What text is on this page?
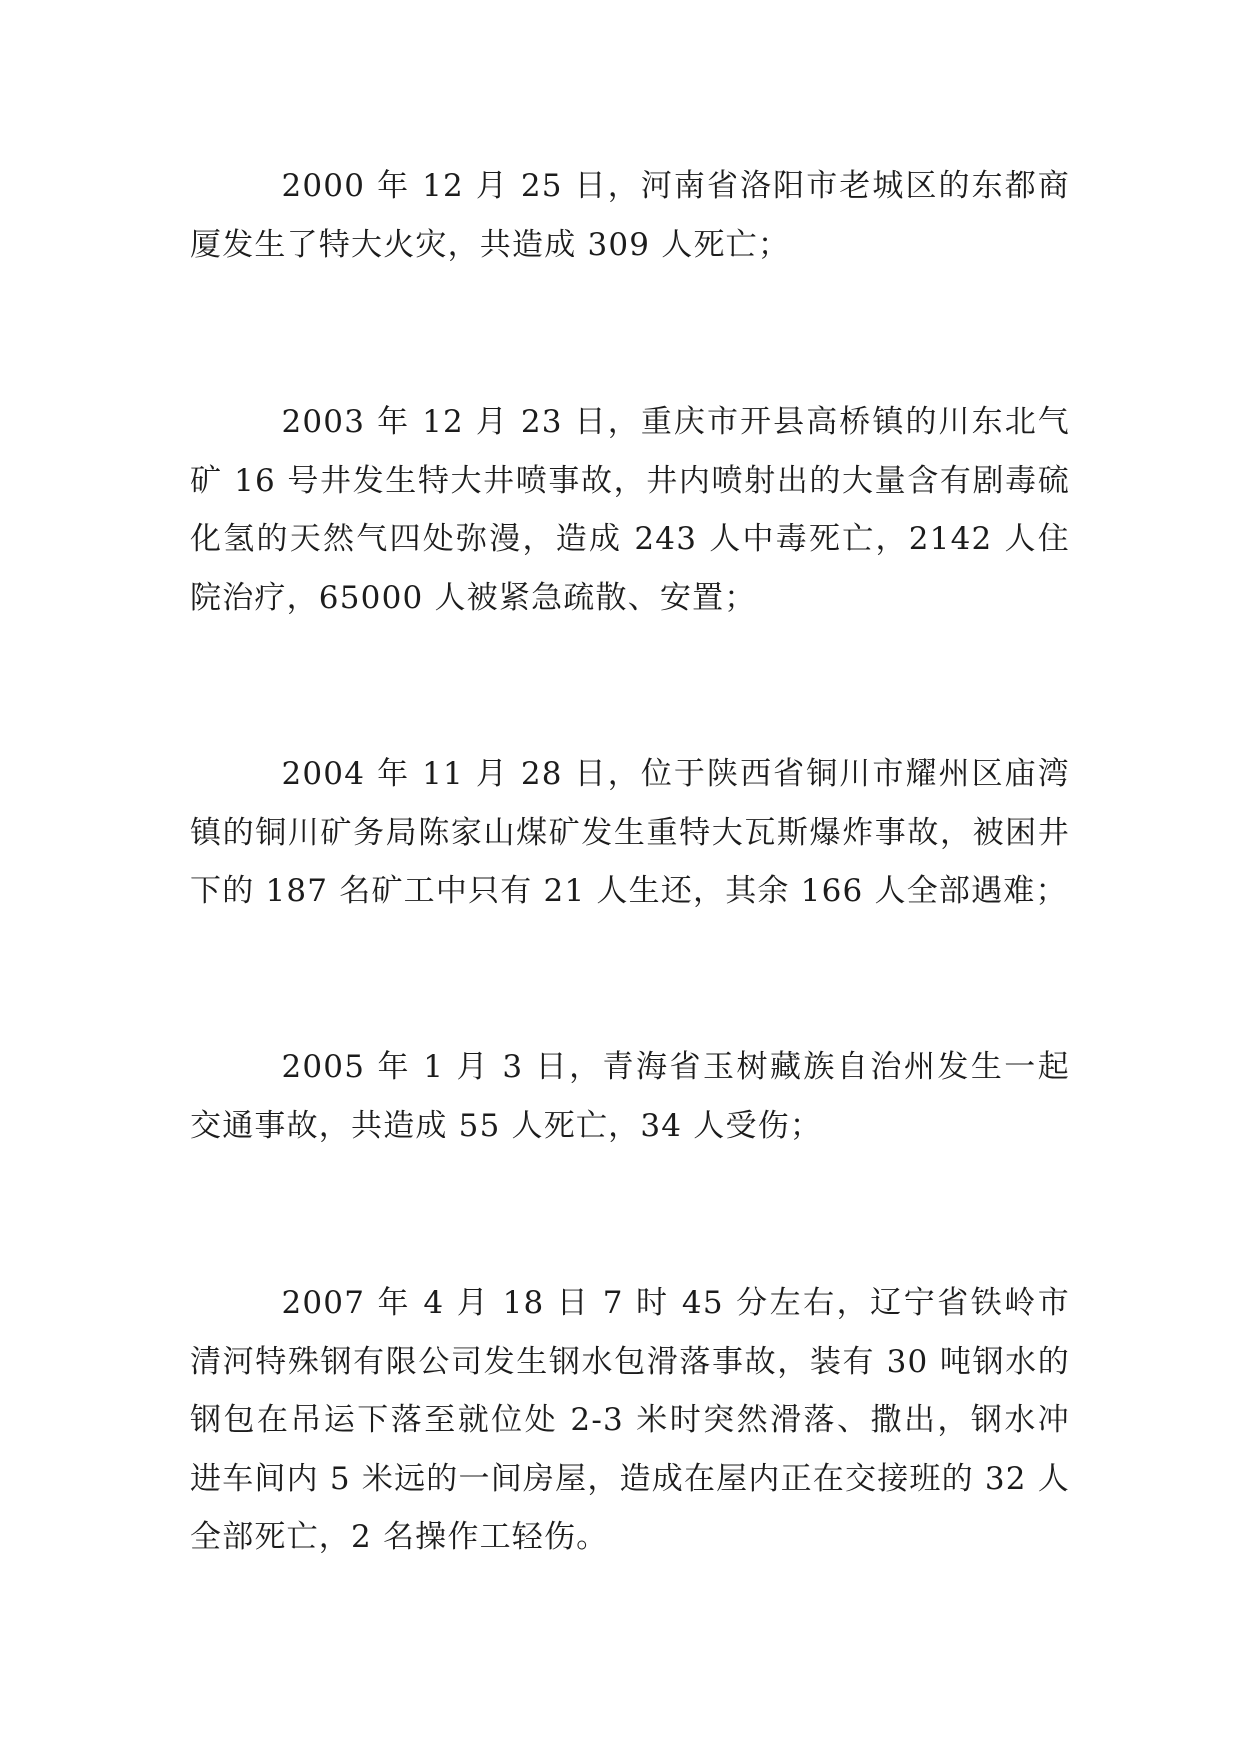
2000 年 12 月 25 日，河南省洛阳市老城区的东都商厦发生了特大火灾，共造成 309 人死亡；

2003 年 12 月 23 日，重庆市开县高桥镇的川东北气矿 16 号井发生特大井喷事故，井内喷射出的大量含有剧毒硫化氢的天然气四处弥漫，造成 243 人中毒死亡，2142 人住院治疗，65000 人被紧急疏散、安置；

2004 年 11 月 28 日，位于陕西省铜川市耀州区庙湾镇的铜川矿务局陈家山煤矿发生重特大瓦斯爆炸事故，被困井下的 187 名矿工中只有 21 人生还，其余 166 人全部遇难；

2005 年 1 月 3 日，青海省玉树藏族自治州发生一起交通事故，共造成 55 人死亡，34 人受伤；

2007 年 4 月 18 日 7 时 45 分左右，辽宁省铁岭市清河特殊钢有限公司发生钢水包滑落事故，装有 30 吨钢水的钢包在吊运下落至就位处 2-3 米时突然滑落、撒出，钢水冲进车间内 5 米远的一间房屋，造成在屋内正在交接班的 32 人全部死亡，2 名操作工轻伤。
